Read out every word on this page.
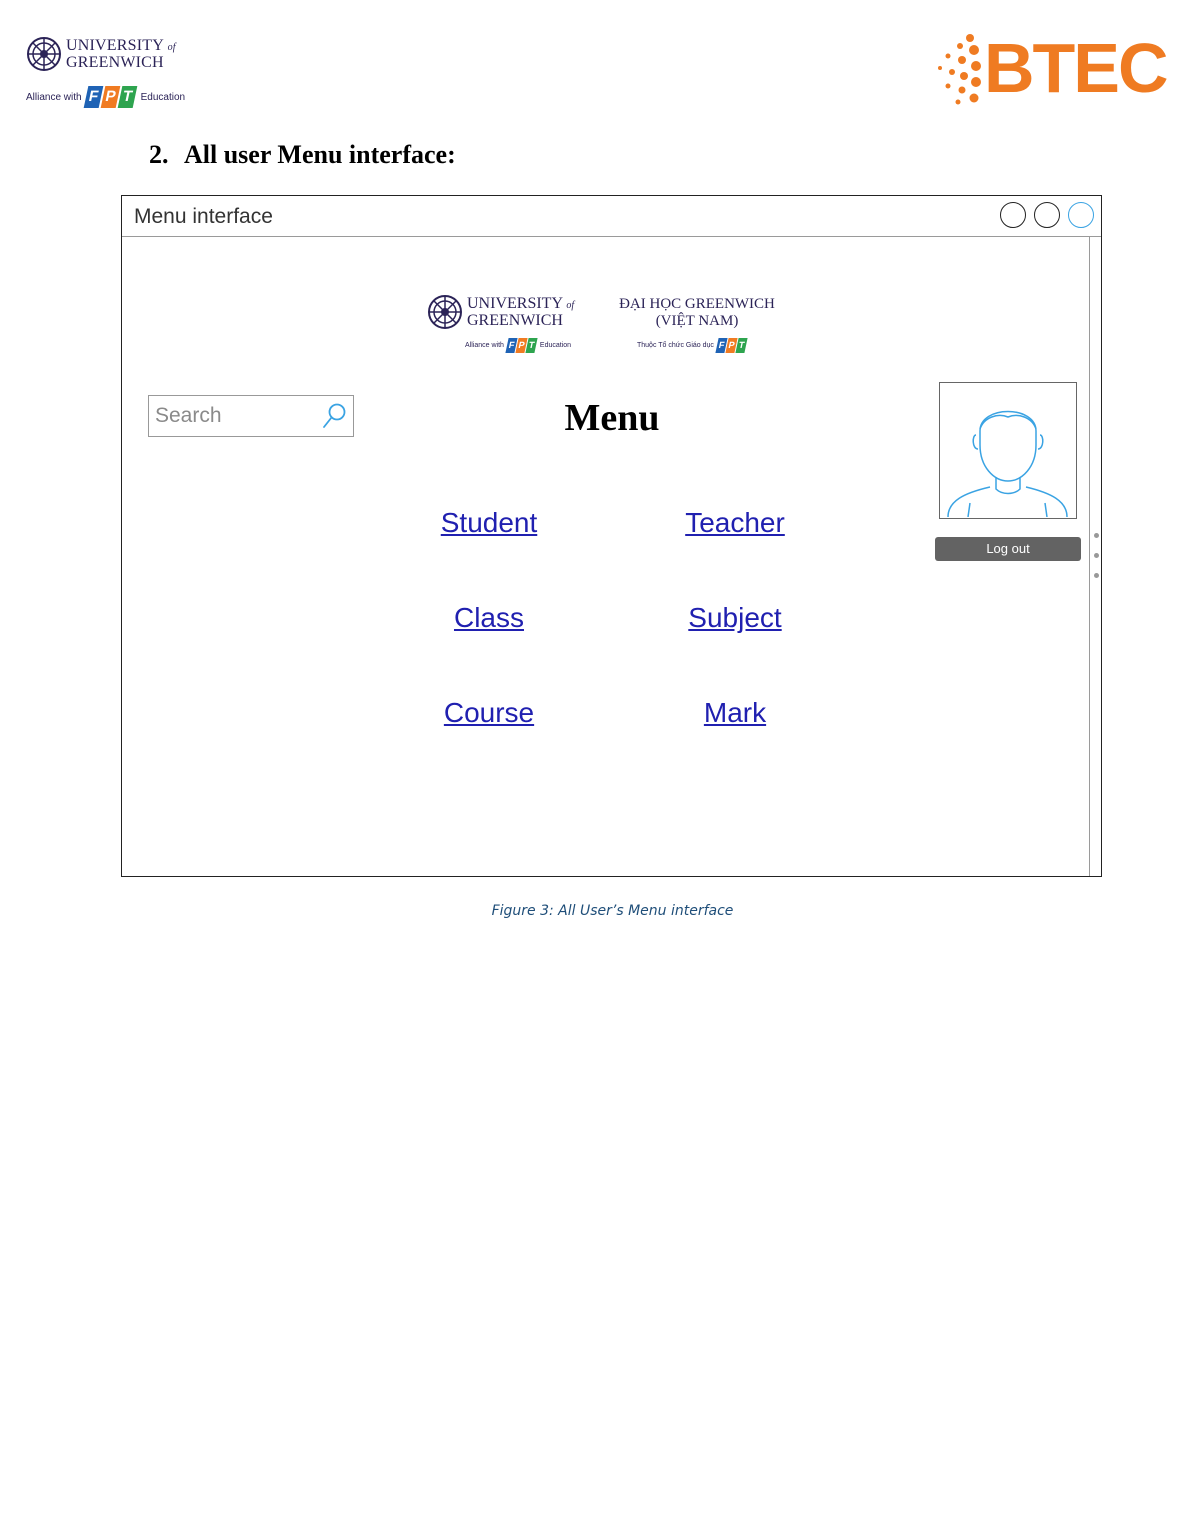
UNIVERSITY of
GREENWICH
Alliance with F P T Education	BTEC
2. All user Menu interface:
Menu interface
UNIVERSITY of
GREENWICH
ĐẠI HỌC GREENWICH
(VIỆT NAM)
Alliance with F P T Education	Thuộc Tổ chức Giáo dục F P T
Search
Menu
Student	Teacher
Class	Subject
Course	Mark
Log out
Figure 3: All User’s Menu interface
